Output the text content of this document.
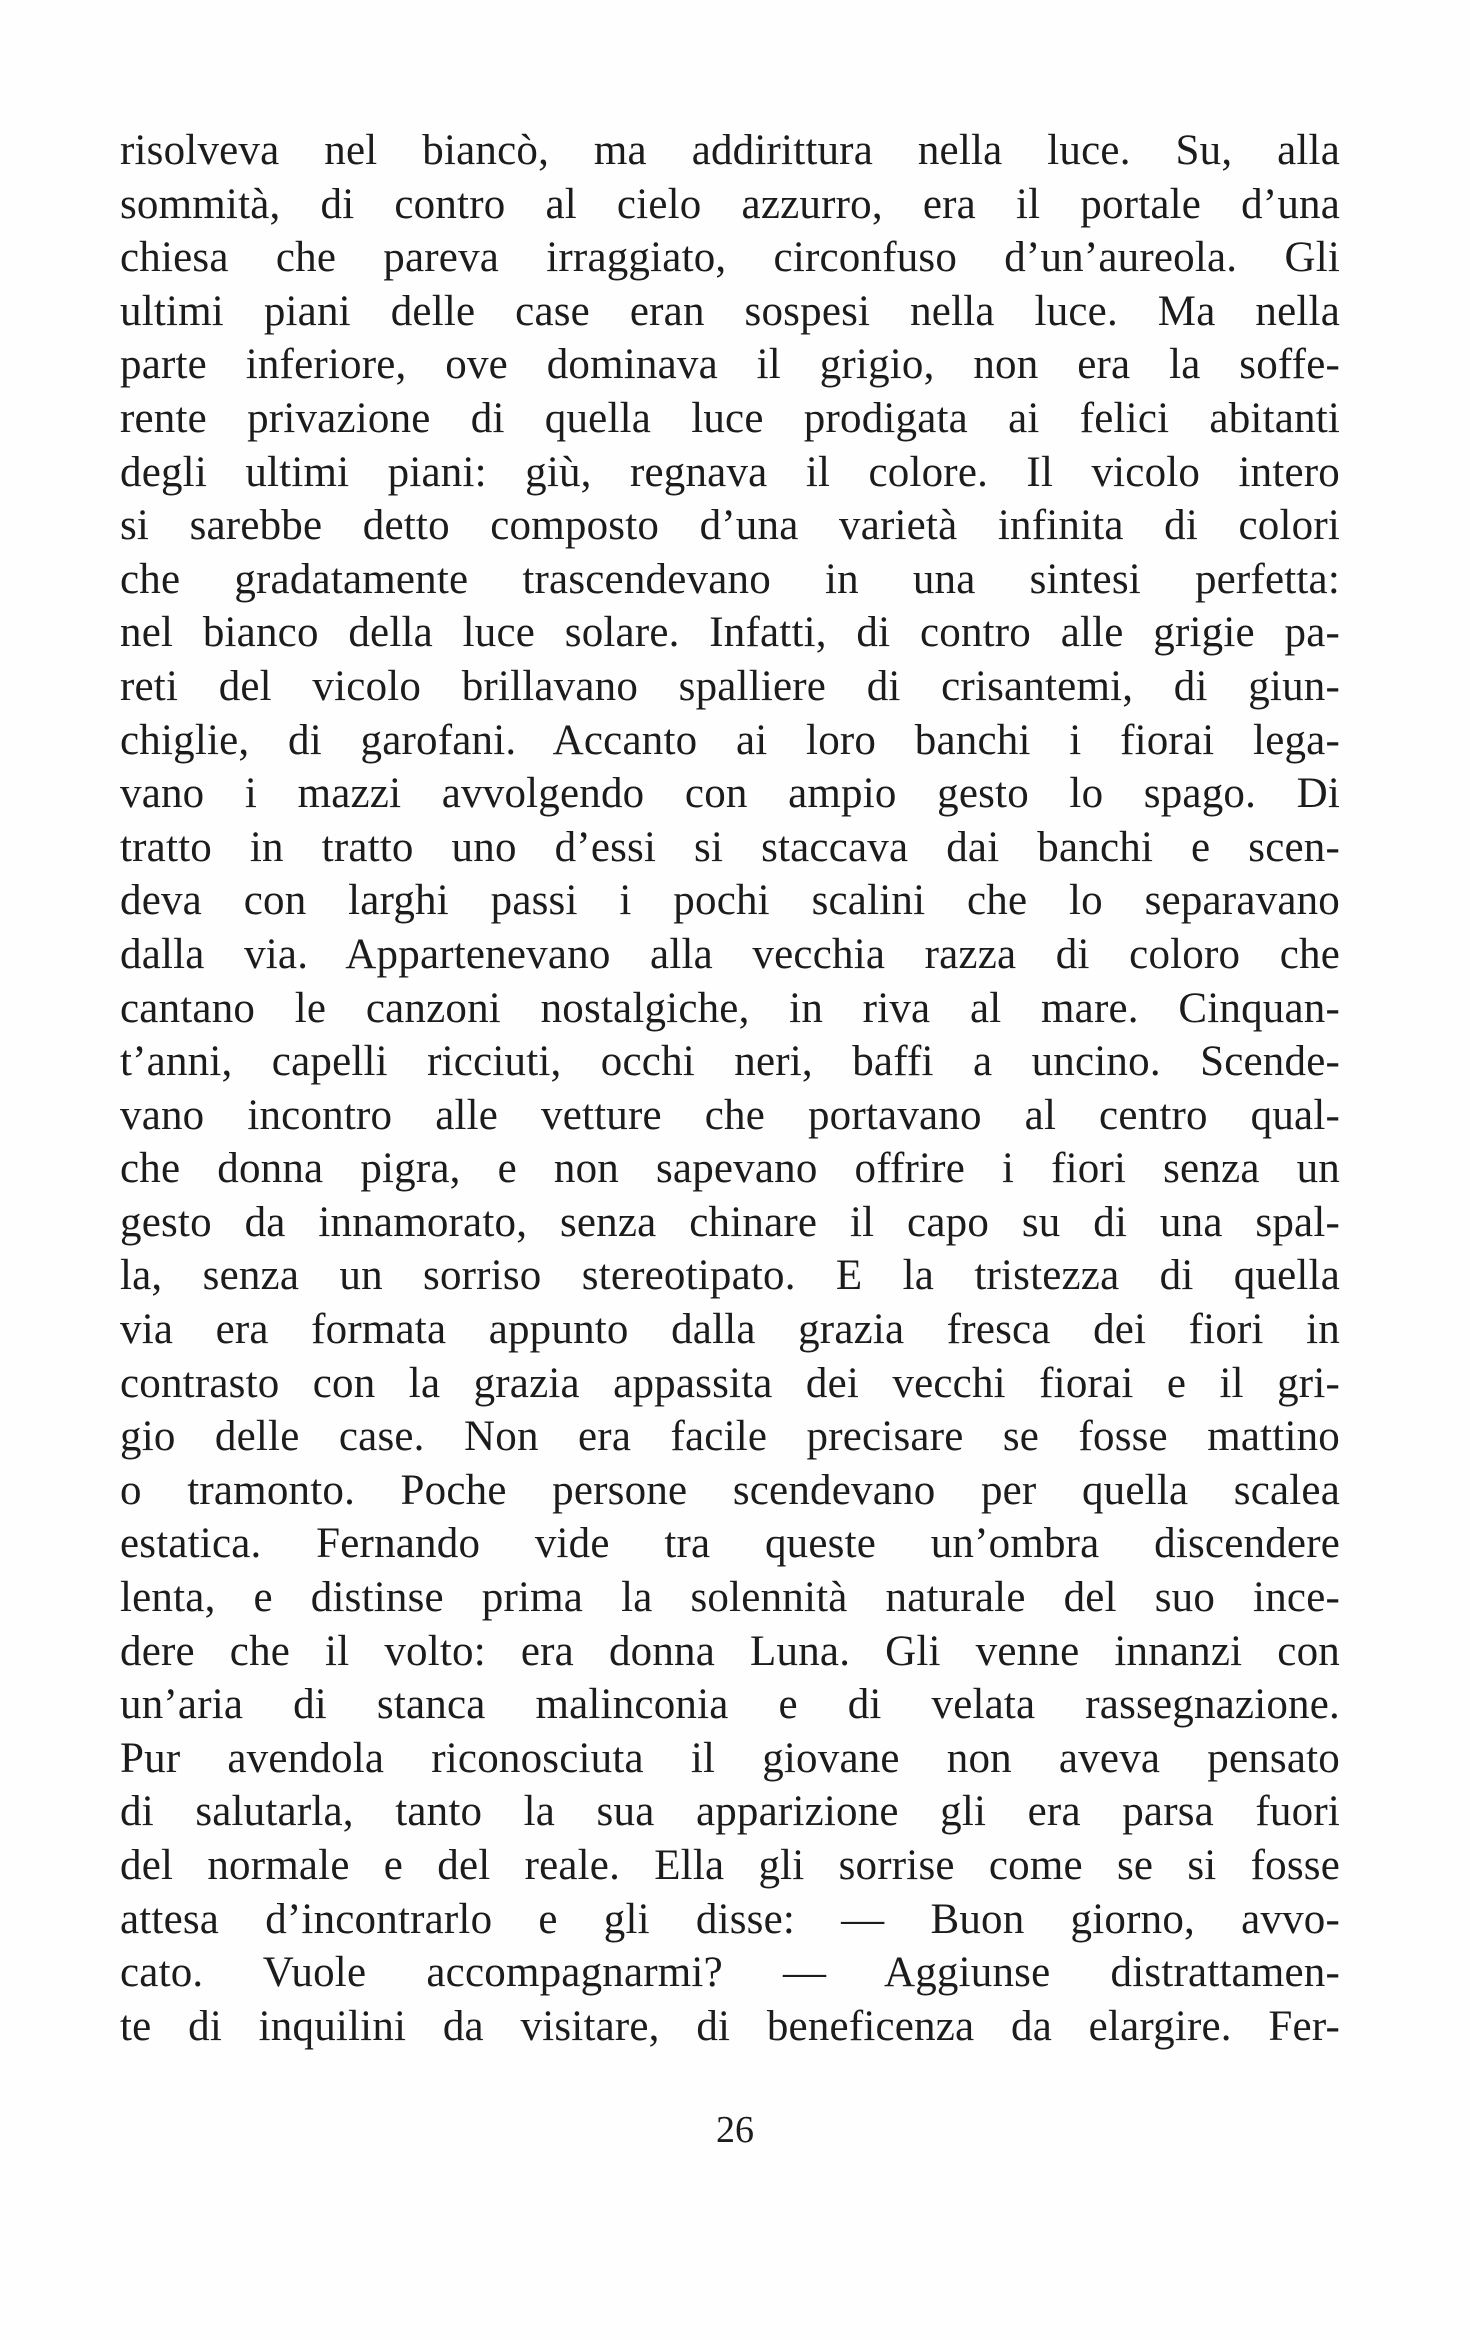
risolveva nel biancò, ma addirittura nella luce. Su, alla
sommità, di contro al cielo azzurro, era il portale d’una
chiesa che pareva irraggiato, circonfuso d’un’aureola. Gli
ultimi piani delle case eran sospesi nella luce. Ma nella
parte inferiore, ove dominava il grigio, non era la soffe-
rente privazione di quella luce prodigata ai felici abitanti
degli ultimi piani: giù, regnava il colore. Il vicolo intero
si sarebbe detto composto d’una varietà infinita di colori
che gradatamente trascendevano in una sintesi perfetta:
nel bianco della luce solare. Infatti, di contro alle grigie pa-
reti del vicolo brillavano spalliere di crisantemi, di giun-
chiglie, di garofani. Accanto ai loro banchi i fiorai lega-
vano i mazzi avvolgendo con ampio gesto lo spago. Di
tratto in tratto uno d’essi si staccava dai banchi e scen-
deva con larghi passi i pochi scalini che lo separavano
dalla via. Appartenevano alla vecchia razza di coloro che
cantano le canzoni nostalgiche, in riva al mare. Cinquan-
t’anni, capelli ricciuti, occhi neri, baffi a uncino. Scende-
vano incontro alle vetture che portavano al centro qual-
che donna pigra, e non sapevano offrire i fiori senza un
gesto da innamorato, senza chinare il capo su di una spal-
la, senza un sorriso stereotipato. E la tristezza di quella
via era formata appunto dalla grazia fresca dei fiori in
contrasto con la grazia appassita dei vecchi fiorai e il gri-
gio delle case. Non era facile precisare se fosse mattino
o tramonto. Poche persone scendevano per quella scalea
estatica. Fernando vide tra queste un’ombra discendere
lenta, e distinse prima la solennità naturale del suo ince-
dere che il volto: era donna Luna. Gli venne innanzi con
un’aria di stanca malinconia e di velata rassegnazione.
Pur avendola riconosciuta il giovane non aveva pensato
di salutarla, tanto la sua apparizione gli era parsa fuori
del normale e del reale. Ella gli sorrise come se si fosse
attesa d’incontrarlo e gli disse: — Buon giorno, avvo-
cato. Vuole accompagnarmi? — Aggiunse distrattamen-
te di inquilini da visitare, di beneficenza da elargire. Fer-
26
